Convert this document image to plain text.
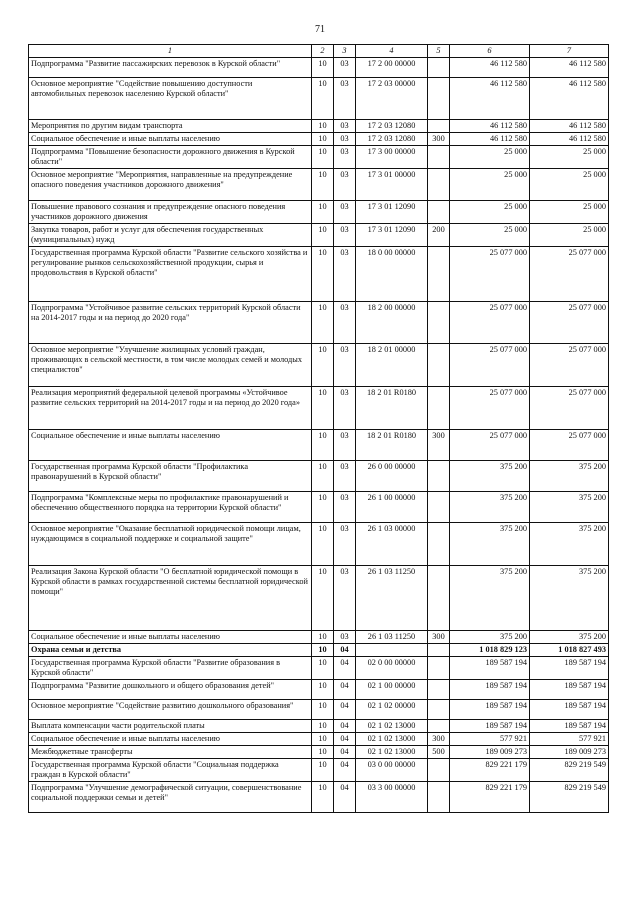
71
1	2	3	4	5	6	7
Подпрограмма "Развитие пассажирских перевозок в Курской области"	10	03	17 2 00 00000		46 112 580	46 112 580
Основное мероприятие "Содействие повышению доступности автомобильных перевозок населению Курской области"	10	03	17 2 03 00000		46 112 580	46 112 580
Мероприятия по другим видам транспорта	10	03	17 2 03 12080		46 112 580	46 112 580
Социальное обеспечение и иные выплаты населению	10	03	17 2 03 12080	300	46 112 580	46 112 580
Подпрограмма "Повышение безопасности дорожного движения в Курской области"	10	03	17 3 00 00000		25 000	25 000
Основное мероприятие "Мероприятия, направленные на предупреждение опасного поведения участников дорожного движения"	10	03	17 3 01 00000		25 000	25 000
Повышение правового сознания и предупреждение опасного поведения участников дорожного движения	10	03	17 3 01 12090		25 000	25 000
Закупка товаров, работ и услуг для обеспечения государственных (муниципальных) нужд	10	03	17 3 01 12090	200	25 000	25 000
Государственная программа Курской области "Развитие сельского хозяйства и регулирование рынков сельскохозяйственной продукции, сырья и продовольствия в Курской области"	10	03	18 0 00 00000		25 077 000	25 077 000
Подпрограмма "Устойчивое развитие сельских территорий Курской области на 2014-2017 годы и на период до 2020 года"	10	03	18 2 00 00000		25 077 000	25 077 000
Основное мероприятие "Улучшение жилищных условий граждан, проживающих в сельской местности, в том числе молодых семей и молодых специалистов"	10	03	18 2 01 00000		25 077 000	25 077 000
Реализация мероприятий федеральной целевой программы «Устойчивое развитие сельских территорий на 2014-2017 годы и на период до 2020 года»	10	03	18 2 01 R0180		25 077 000	25 077 000
Социальное обеспечение и иные выплаты населению	10	03	18 2 01 R0180	300	25 077 000	25 077 000
Государственная программа Курской области "Профилактика правонарушений в Курской области"	10	03	26 0 00 00000		375 200	375 200
Подпрограмма "Комплексные меры по профилактике правонарушений и обеспечению общественного порядка на территории Курской области"	10	03	26 1 00 00000		375 200	375 200
Основное мероприятие "Оказание бесплатной юридической помощи лицам, нуждающимся в социальной поддержке и социальной защите"	10	03	26 1 03 00000		375 200	375 200
Реализация Закона Курской области "О бесплатной юридической помощи в Курской области в рамках государственной системы бесплатной юридической помощи"	10	03	26 1 03 11250		375 200	375 200
Социальное обеспечение и иные выплаты населению	10	03	26 1 03 11250	300	375 200	375 200
Охрана семьи и детства	10	04			1 018 829 123	1 018 827 493
Государственная программа Курской области "Развитие образования в Курской области"	10	04	02 0 00 00000		189 587 194	189 587 194
Подпрограмма "Развитие дошкольного и общего образования детей"	10	04	02 1 00 00000		189 587 194	189 587 194
Основное мероприятие "Содействие развитию дошкольного образования"	10	04	02 1 02 00000		189 587 194	189 587 194
Выплата компенсации части родительской платы	10	04	02 1 02 13000		189 587 194	189 587 194
Социальное обеспечение и иные выплаты населению	10	04	02 1 02 13000	300	577 921	577 921
Межбюджетные трансферты	10	04	02 1 02 13000	500	189 009 273	189 009 273
Государственная программа Курской области "Социальная поддержка граждан в Курской области"	10	04	03 0 00 00000		829 221 179	829 219 549
Подпрограмма "Улучшение демографической ситуации, совершенствование социальной поддержки семьи и детей"	10	04	03 3 00 00000		829 221 179	829 219 549
